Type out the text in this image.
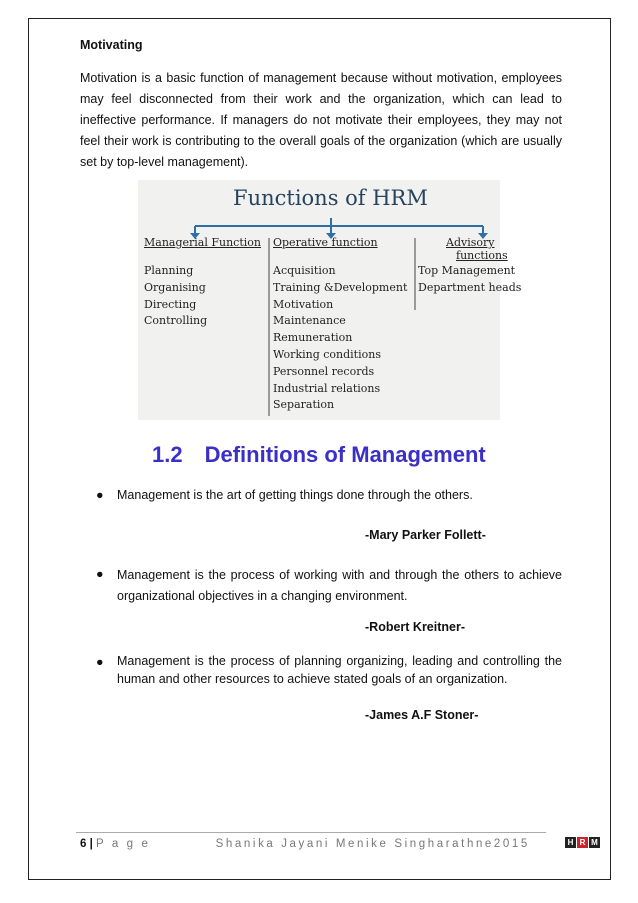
Motivating
Motivation is a basic function of management because without motivation, employees may feel disconnected from their work and the organization, which can lead to ineffective performance. If managers do not motivate their employees, they may not feel their work is contributing to the overall goals of the organization (which are usually set by top-level management).
Functions of HRM
Managerial Function
Planning
Organising
Directing
Controlling
Operative function
Acquisition
Training &Development
Motivation
Maintenance
Remuneration
Working conditions
Personnel records
Industrial relations
Separation
Advisory
functions
Top Management
Department heads
1.2 Definitions of Management
● Management is the art of getting things done through the others.
-Mary Parker Follett-
● Management is the process of working with and through the others to achieve organizational objectives in a changing environment.
-Robert Kreitner-
● Management is the process of planning organizing, leading and controlling the human and other resources to achieve stated goals of an organization.
-James A.F Stoner-
6 | P a g e	Shanika Jayani Menike Singharathne2015	H R M
